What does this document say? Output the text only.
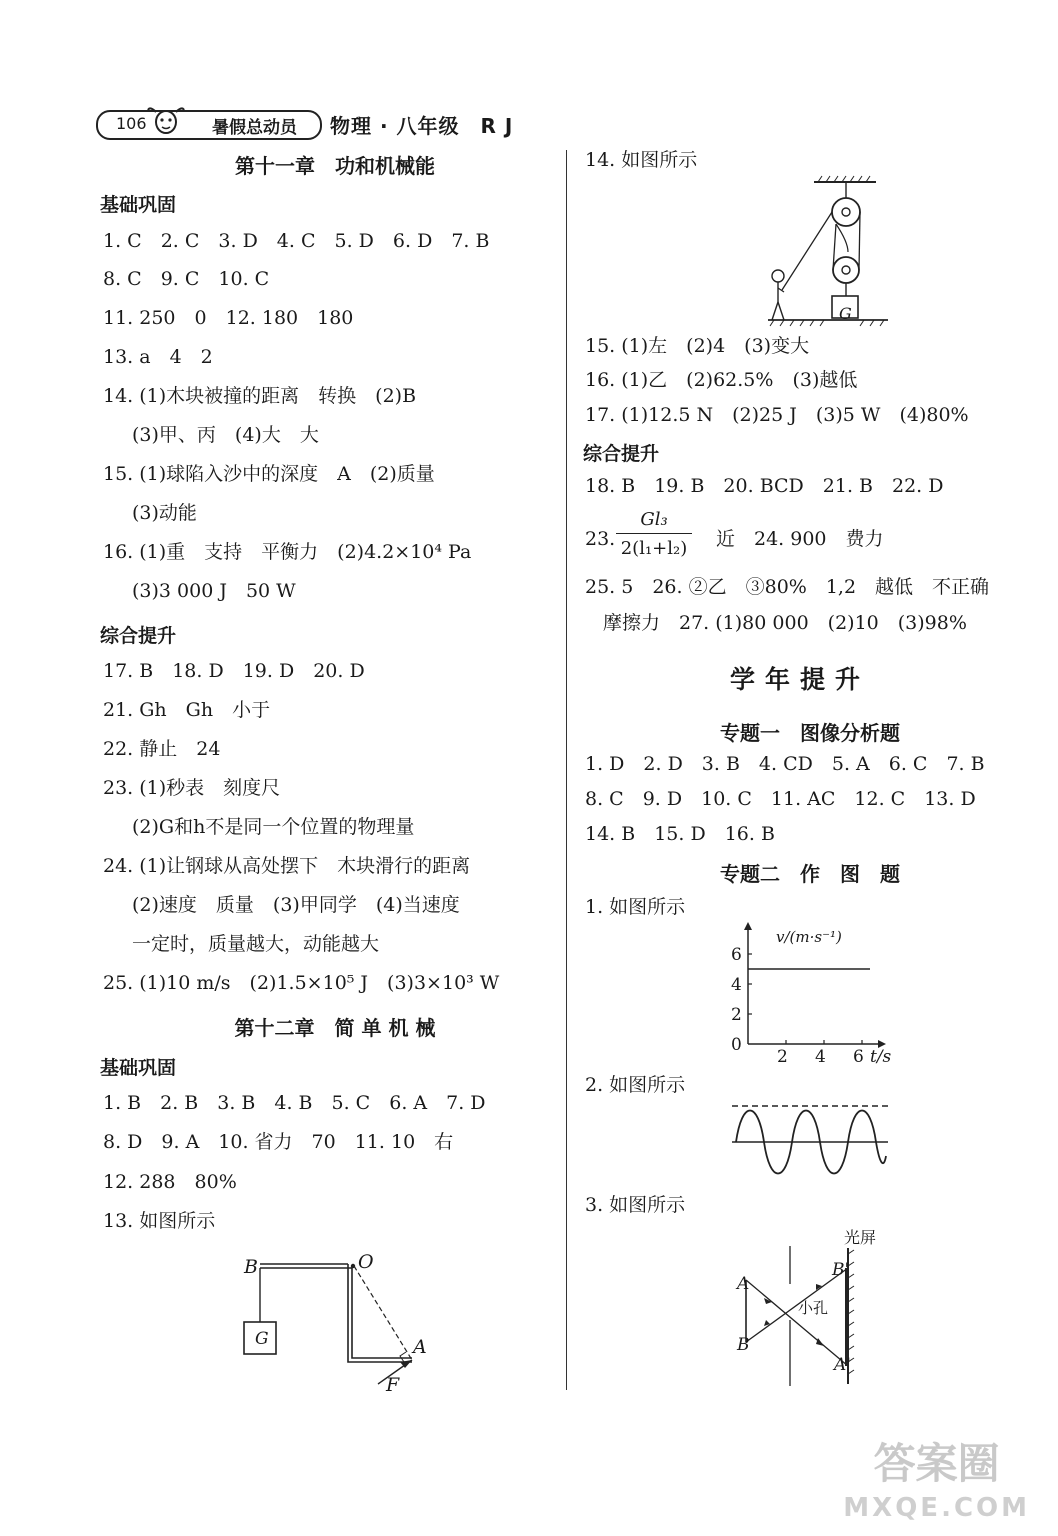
106	暑假总动员 物理 · 八年级　R J
第十一章　功和机械能
基础巩固
1. C　2. C　3. D　4. C　5. D　6. D　7. B
8. C　9. C　10. C
11. 250　0　12. 180　180
13. a　4　2
14. (1)木块被撞的距离　转换　(2)B
　(3)甲、丙　(4)大　大
15. (1)球陷入沙中的深度　A　(2)质量
　(3)动能
16. (1)重　支持　平衡力　(2)4.2×10⁴ Pa
　(3)3 000 J　50 W
综合提升
17. B　18. D　19. D　20. D
21. Gh　Gh　小于
22. 静止　24
23. (1)秒表　刻度尺
　(2)G和h不是同一个位置的物理量
24. (1)让钢球从高处摆下　木块滑行的距离
　(2)速度　质量　(3)甲同学　(4)当速度
　一定时，质量越大，动能越大
25. (1)10 m/s　(2)1.5×10⁵ J　(3)3×10³ W
第十二章　简 单 机 械
基础巩固
1. B　2. B　3. B　4. B　5. C　6. A　7. D
8. D　9. A　10. 省力　70　11. 10　右
12. 288　80%
13. 如图所示
B	O
G	A
F
14. 如图所示
G
15. (1)左　(2)4　(3)变大
16. (1)乙　(2)62.5%　(3)越低
17. (1)12.5 N　(2)25 J　(3)5 W　(4)80%
综合提升
18. B　19. B　20. BCD　21. B　22. D
23.
Gl₃
2(l₁+l₂)	近　24. 900　费力
25. 5　26. ②乙　③80%　1,2　越低　不正确
摩擦力　27. (1)80 000　(2)10　(3)98%
学年提升
专题一　图像分析题
1. D　2. D　3. B　4. CD　5. A　6. C　7. B
8. C　9. D　10. C　11. AC　12. C　13. D
14. B　15. D　16. B
专题二　作　图　题
1. 如图所示
v/(m·s⁻¹)
t/s
6
4
2
0
2 4 6
2. 如图所示
3. 如图所示
光屏
A
B
B'
A'
小孔
答案圈
MXQE.COM
